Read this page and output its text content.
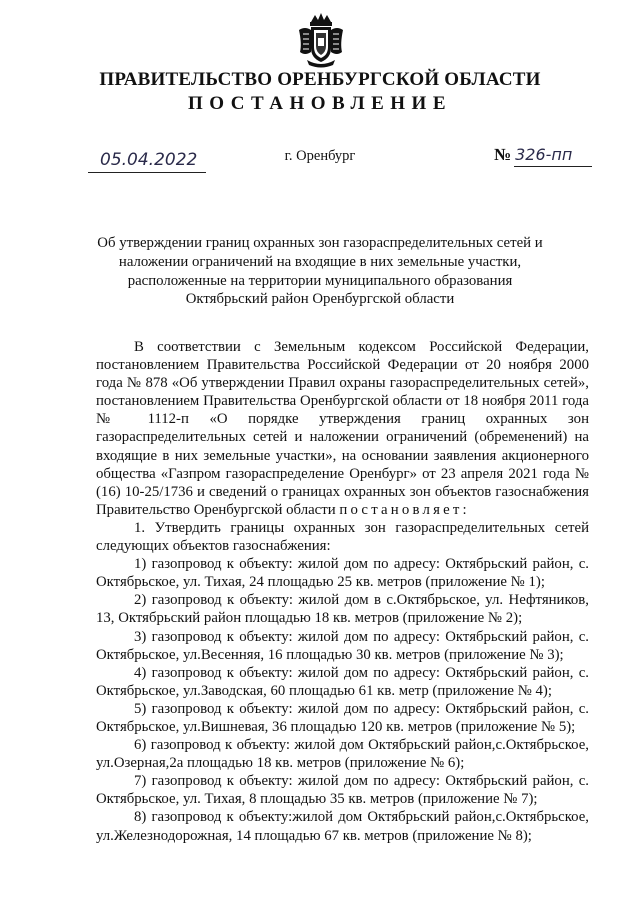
ПРАВИТЕЛЬСТВО ОРЕНБУРГСКОЙ ОБЛАСТИ
ПОСТАНОВЛЕНИЕ
05.04.2022	г. Оренбург	№ 326-пп
Об утверждении границ охранных зон газораспределительных сетей и наложении ограничений на входящие в них земельные участки, расположенные на территории муниципального образования Октябрьский район Оренбургской области

В соответствии с Земельным кодексом Российской Федерации, постановлением Правительства Российской Федерации от 20 ноября 2000 года № 878 «Об утверждении Правил охраны газораспределительных сетей», постановлением Правительства Оренбургской области от 18 ноября 2011 года № 1112-п «О порядке утверждения границ охранных зон газораспределительных сетей и наложении ограничений (обременений) на входящие в них земельные участки», на основании заявления акционерного общества «Газпром газораспределение Оренбург» от 23 апреля 2021 года № (16) 10-25/1736 и сведений о границах охранных зон объектов газоснабжения Правительство Оренбургской области постановляет:

1. Утвердить границы охранных зон газораспределительных сетей следующих объектов газоснабжения:

1) газопровод к объекту: жилой дом по адресу: Октябрьский район, с. Октябрьское, ул. Тихая, 24 площадью 25 кв. метров (приложение № 1);

2) газопровод к объекту: жилой дом в с.Октябрьское, ул. Нефтяников, 13, Октябрьский район площадью 18 кв. метров (приложение № 2);

3) газопровод к объекту: жилой дом по адресу: Октябрьский район, с. Октябрьское, ул.Весенняя, 16 площадью 30 кв. метров (приложение № 3);

4) газопровод к объекту: жилой дом по адресу: Октябрьский район, с. Октябрьское, ул.Заводская, 60 площадью 61 кв. метр (приложение № 4);

5) газопровод к объекту: жилой дом по адресу: Октябрьский район, с. Октябрьское, ул.Вишневая, 36 площадью 120 кв. метров (приложение № 5);

6) газопровод к объекту: жилой дом Октябрьский район,с.Октябрьское, ул.Озерная,2а площадью 18 кв. метров (приложение № 6);

7) газопровод к объекту: жилой дом по адресу: Октябрьский район, с. Октябрьское, ул. Тихая, 8 площадью 35 кв. метров (приложение № 7);

8) газопровод к объекту:жилой дом Октябрьский район,с.Октябрьское, ул.Железнодорожная, 14 площадью 67 кв. метров (приложение № 8);
